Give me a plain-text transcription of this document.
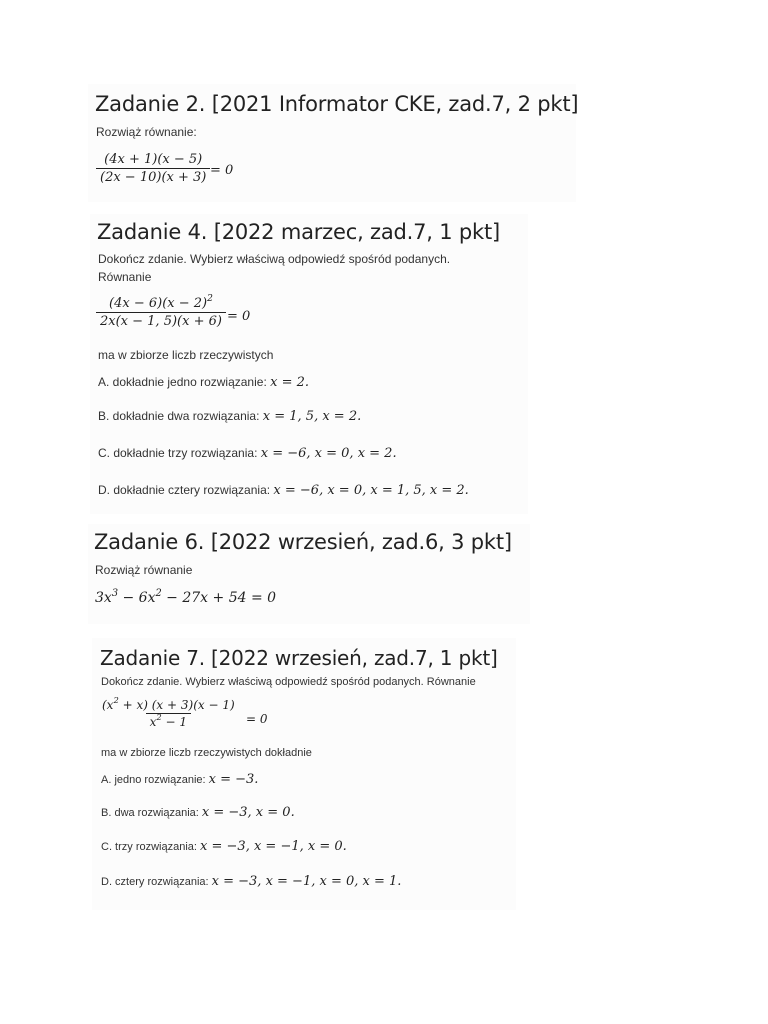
Zadanie 2. [2021 Informator CKE, zad.7, 2 pkt]

Rozwiąż równanie:

$\frac{(4x + 1)(x - 5)}{(2x - 10)(x + 3)} = 0$
Zadanie 4. [2022 marzec, zad.7, 1 pkt]

Dokończ zdanie. Wybierz właściwą odpowiedź spośród podanych.

Równanie

$\frac{(4x - 6)(x - 2)^2}{2x(x - 1, 5)(x + 6)} = 0$

ma w zbiorze liczb rzeczywistych

A. dokładnie jedno rozwiązanie: x = 2.

B. dokładnie dwa rozwiązania: x = 1, 5, x = 2.

C. dokładnie trzy rozwiązania: x = −6, x = 0, x = 2.

D. dokładnie cztery rozwiązania: x = −6, x = 0, x = 1, 5, x = 2.

Zadanie 6. [2022 wrzesień, zad.6, 3 pkt]

Rozwiąż równanie

$3x^3 - 6x^2 - 27x + 54 = 0$
Zadanie 7. [2022 wrzesień, zad.7, 1 pkt]

Dokończ zdanie. Wybierz właściwą odpowiedź spośród podanych. Równanie

$\frac{(x^2 + x) (x + 3)(x - 1)}{x^2 - 1} = 0$

ma w zbiorze liczb rzeczywistych dokładnie

A. jedno rozwiązanie: x = −3.

B. dwa rozwiązania: x = −3, x = 0.

C. trzy rozwiązania: x = −3, x = −1, x = 0.

D. cztery rozwiązania: x = −3, x = −1, x = 0, x = 1.
